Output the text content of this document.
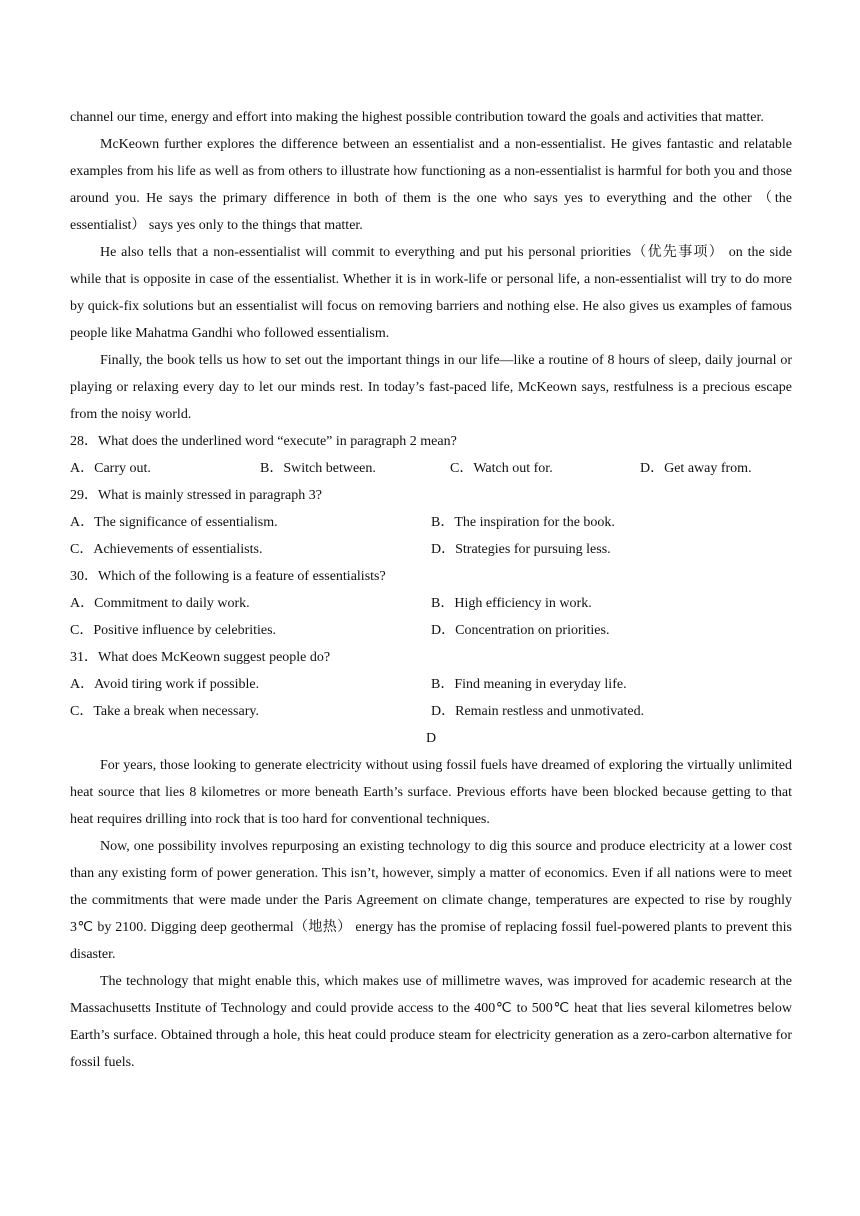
channel our time, energy and effort into making the highest possible contribution toward the goals and activities that matter.

McKeown further explores the difference between an essentialist and a non-essentialist. He gives fantastic and relatable examples from his life as well as from others to illustrate how functioning as a non-essentialist is harmful for both you and those around you. He says the primary difference in both of them is the one who says yes to everything and the other （the essentialist） says yes only to the things that matter.

He also tells that a non-essentialist will commit to everything and put his personal priorities（优先事项） on the side while that is opposite in case of the essentialist. Whether it is in work-life or personal life, a non-essentialist will try to do more by quick-fix solutions but an essentialist will focus on removing barriers and nothing else. He also gives us examples of famous people like Mahatma Gandhi who followed essentialism.

Finally, the book tells us how to set out the important things in our life—like a routine of 8 hours of sleep, daily journal or playing or relaxing every day to let our minds rest. In today’s fast-paced life, McKeown says, restfulness is a precious escape from the noisy world.

28．What does the underlined word “execute” in paragraph 2 mean?

A．Carry out.	B．Switch between.	C．Watch out for.	D．Get away from.

29．What is mainly stressed in paragraph 3?

A．The significance of essentialism.	B．The inspiration for the book.
C．Achievements of essentialists.	D．Strategies for pursuing less.

30．Which of the following is a feature of essentialists?

A．Commitment to daily work.	B．High efficiency in work.
C．Positive influence by celebrities.	D．Concentration on priorities.

31．What does McKeown suggest people do?

A．Avoid tiring work if possible.	B．Find meaning in everyday life.
C．Take a break when necessary.	D．Remain restless and unmotivated.

D

For years, those looking to generate electricity without using fossil fuels have dreamed of exploring the virtually unlimited heat source that lies 8 kilometres or more beneath Earth’s surface. Previous efforts have been blocked because getting to that heat requires drilling into rock that is too hard for conventional techniques.

Now, one possibility involves repurposing an existing technology to dig this source and produce electricity at a lower cost than any existing form of power generation. This isn’t, however, simply a matter of economics. Even if all nations were to meet the commitments that were made under the Paris Agreement on climate change, temperatures are expected to rise by roughly 3℃ by 2100. Digging deep geothermal（地热） energy has the promise of replacing fossil fuel-powered plants to prevent this disaster.

The technology that might enable this, which makes use of millimetre waves, was improved for academic research at the Massachusetts Institute of Technology and could provide access to the 400℃ to 500℃ heat that lies several kilometres below Earth’s surface. Obtained through a hole, this heat could produce steam for electricity generation as a zero-carbon alternative for fossil fuels.
